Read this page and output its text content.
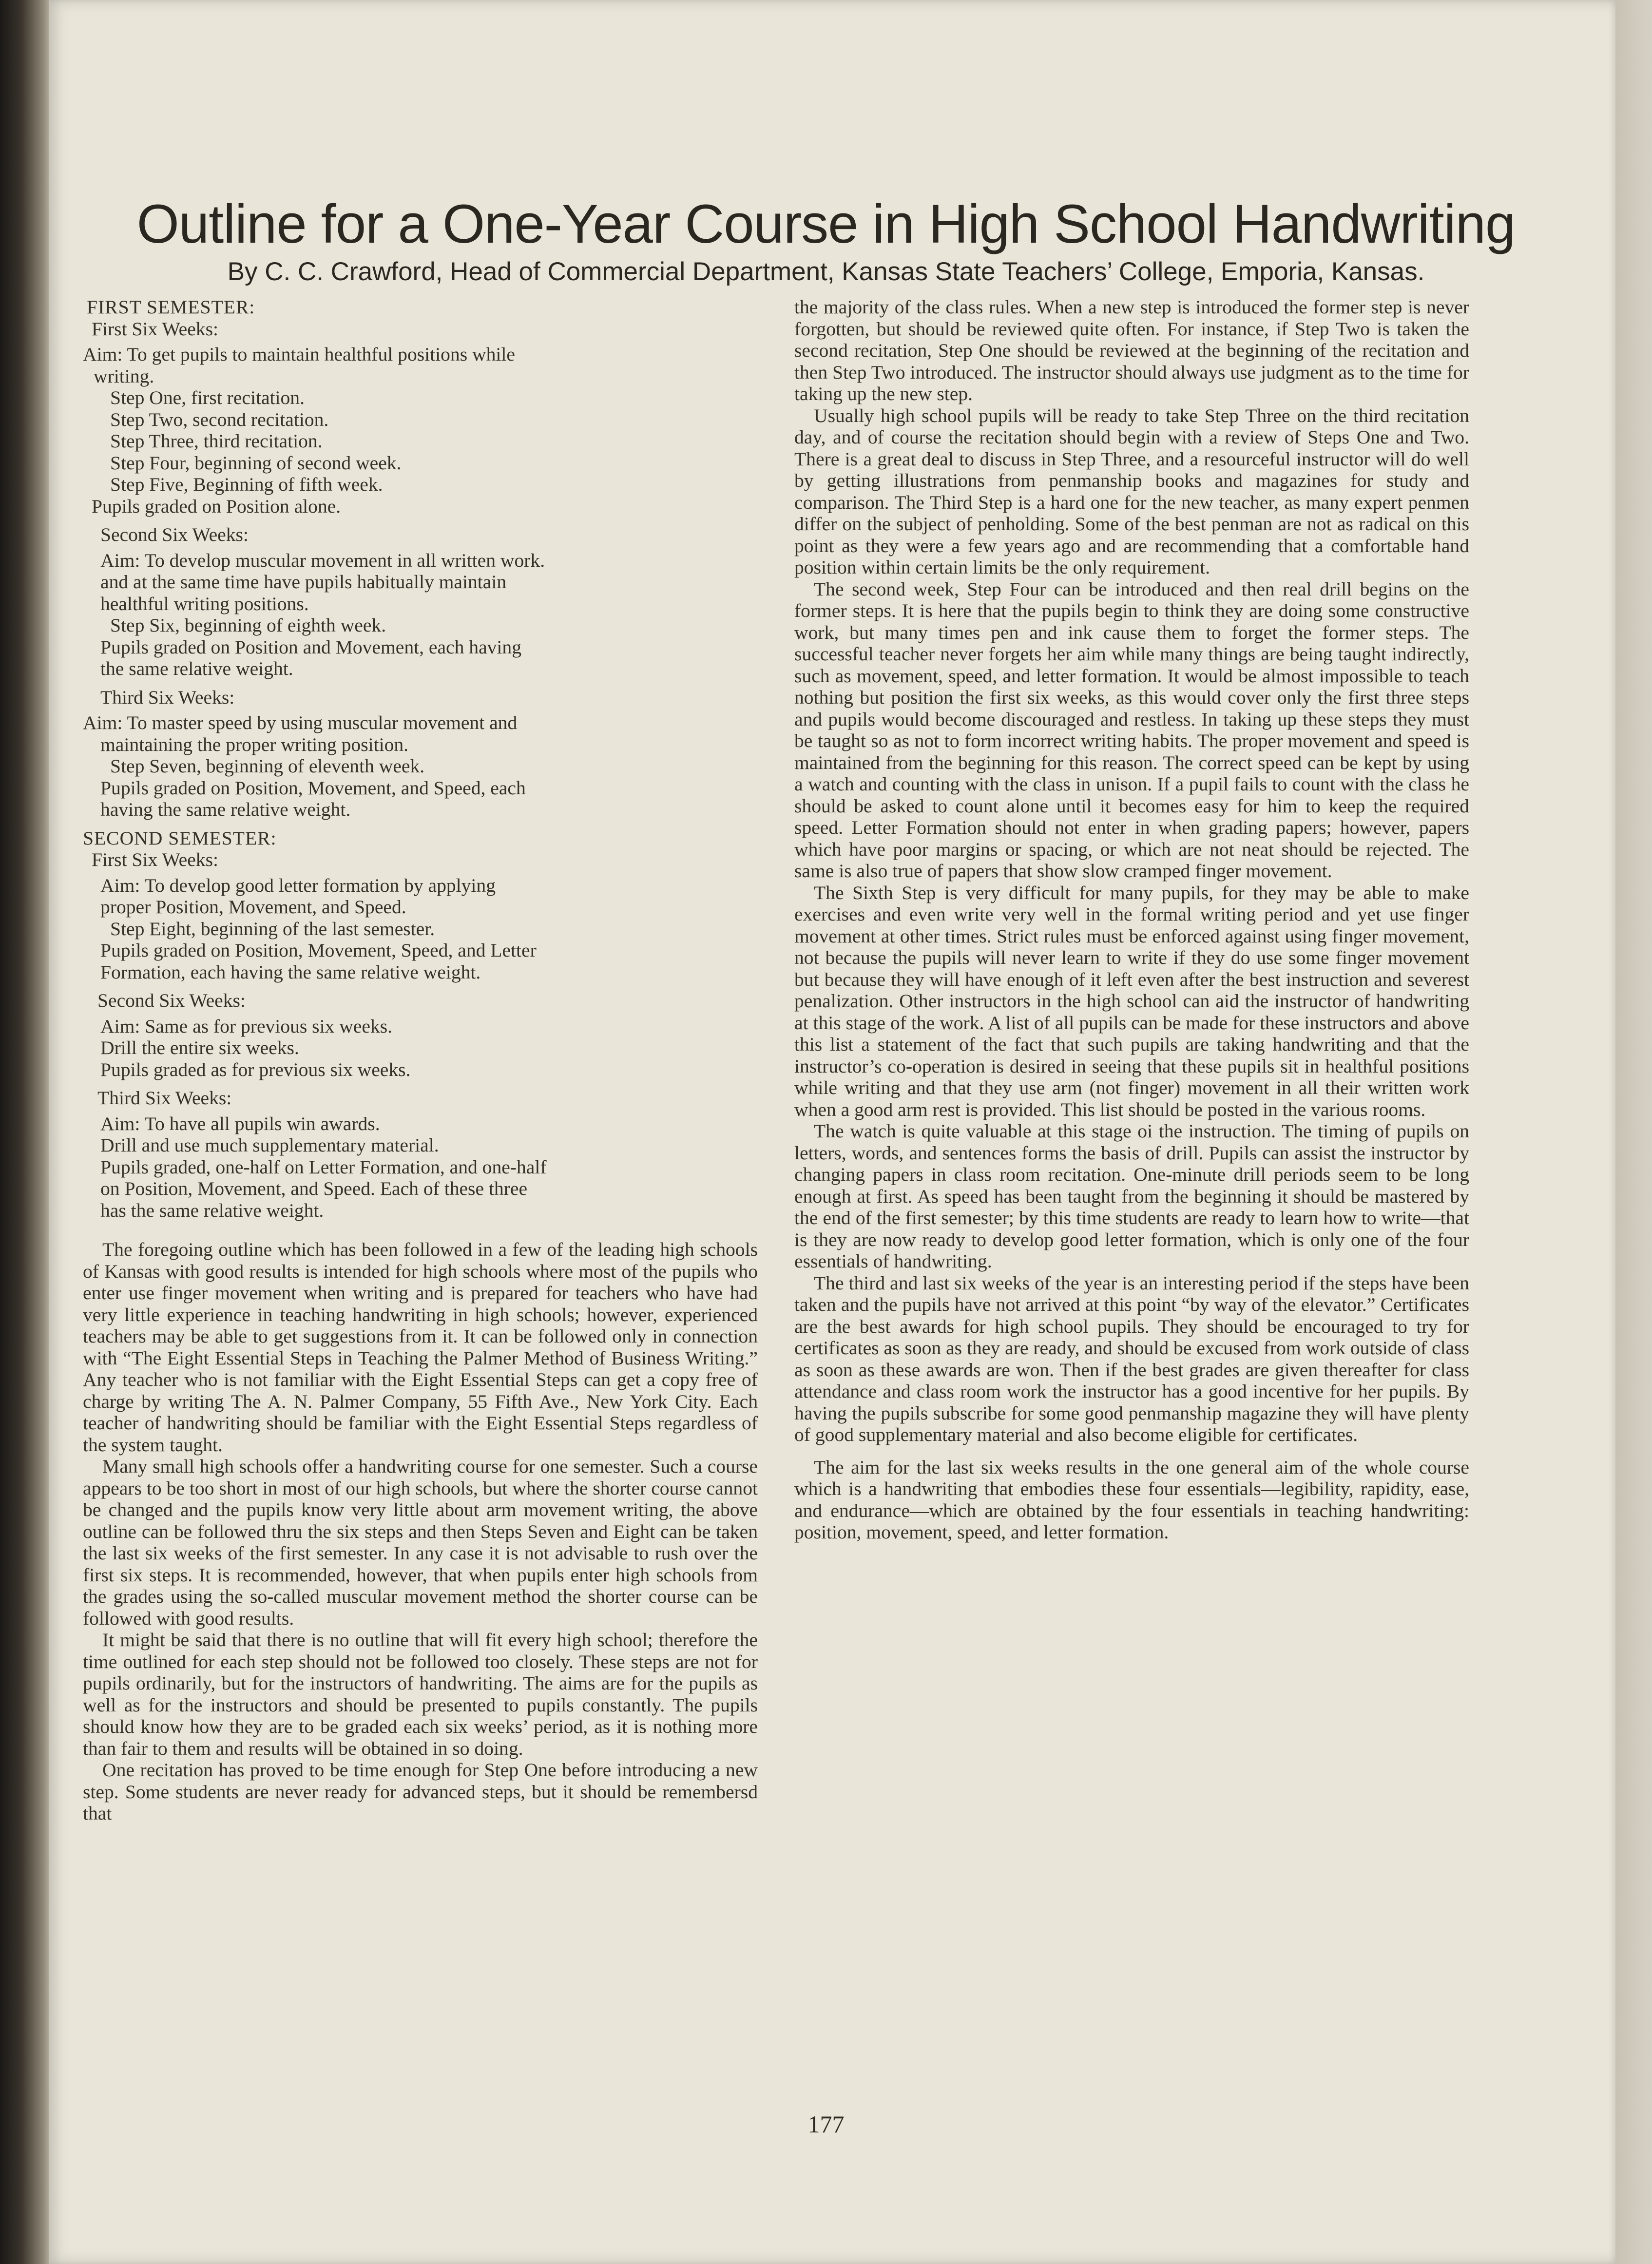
Outline for a One-Year Course in High School Handwriting
By C. C. Crawford, Head of Commercial Department, Kansas State Teachers’ College, Emporia, Kansas.
FIRST SEMESTER:
First Six Weeks:
Aim: To get pupils to maintain healthful positions while
writing.
Step One, first recitation.
Step Two, second recitation.
Step Three, third recitation.
Step Four, beginning of second week.
Step Five, Beginning of fifth week.
Pupils graded on Position alone.
Second Six Weeks:
Aim: To develop muscular movement in all written work.
and at the same time have pupils habitually maintain
healthful writing positions.
Step Six, beginning of eighth week.
Pupils graded on Position and Movement, each having
the same relative weight.
Third Six Weeks:
Aim: To master speed by using muscular movement and
maintaining the proper writing position.
Step Seven, beginning of eleventh week.
Pupils graded on Position, Movement, and Speed, each
having the same relative weight.
SECOND SEMESTER:
First Six Weeks:
Aim: To develop good letter formation by applying
proper Position, Movement, and Speed.
Step Eight, beginning of the last semester.
Pupils graded on Position, Movement, Speed, and Letter
Formation, each having the same relative weight.
Second Six Weeks:
Aim: Same as for previous six weeks.
Drill the entire six weeks.
Pupils graded as for previous six weeks.
Third Six Weeks:
Aim: To have all pupils win awards.
Drill and use much supplementary material.
Pupils graded, one-half on Letter Formation, and one-half
on Position, Movement, and Speed. Each of these three
has the same relative weight.

The foregoing outline which has been followed in a few of the leading high schools of Kansas with good results is intended for high schools where most of the pupils who enter use finger movement when writing and is prepared for teachers who have had very little experience in teaching handwriting in high schools; however, experienced teachers may be able to get suggestions from it. It can be followed only in connection with “The Eight Essential Steps in Teaching the Palmer Method of Business Writing.” Any teacher who is not familiar with the Eight Essential Steps can get a copy free of charge by writing The A. N. Palmer Company, 55 Fifth Ave., New York City. Each teacher of handwriting should be familiar with the Eight Essential Steps regardless of the system taught.

Many small high schools offer a handwriting course for one semester. Such a course appears to be too short in most of our high schools, but where the shorter course cannot be changed and the pupils know very little about arm movement writing, the above outline can be followed thru the six steps and then Steps Seven and Eight can be taken the last six weeks of the first semester. In any case it is not advisable to rush over the first six steps. It is recommended, however, that when pupils enter high schools from the grades using the so-called muscular movement method the shorter course can be followed with good results.

It might be said that there is no outline that will fit every high school; therefore the time outlined for each step should not be followed too closely. These steps are not for pupils ordinarily, but for the instructors of handwriting. The aims are for the pupils as well as for the instructors and should be presented to pupils constantly. The pupils should know how they are to be graded each six weeks’ period, as it is nothing more than fair to them and results will be obtained in so doing.

One recitation has proved to be time enough for Step One before introducing a new step. Some students are never ready for advanced steps, but it should be remembersd that

the majority of the class rules. When a new step is introduced the former step is never forgotten, but should be reviewed quite often. For instance, if Step Two is taken the second recitation, Step One should be reviewed at the beginning of the recitation and then Step Two introduced. The instructor should always use judgment as to the time for taking up the new step.

Usually high school pupils will be ready to take Step Three on the third recitation day, and of course the recitation should begin with a review of Steps One and Two. There is a great deal to discuss in Step Three, and a resourceful instructor will do well by getting illustrations from penmanship books and magazines for study and comparison. The Third Step is a hard one for the new teacher, as many expert penmen differ on the subject of penholding. Some of the best penman are not as radical on this point as they were a few years ago and are recommending that a comfortable hand position within certain limits be the only requirement.

The second week, Step Four can be introduced and then real drill begins on the former steps. It is here that the pupils begin to think they are doing some constructive work, but many times pen and ink cause them to forget the former steps. The successful teacher never forgets her aim while many things are being taught indirectly, such as movement, speed, and letter formation. It would be almost impossible to teach nothing but position the first six weeks, as this would cover only the first three steps and pupils would become discouraged and restless. In taking up these steps they must be taught so as not to form incorrect writing habits. The proper movement and speed is maintained from the beginning for this reason. The correct speed can be kept by using a watch and counting with the class in unison. If a pupil fails to count with the class he should be asked to count alone until it becomes easy for him to keep the required speed. Letter Formation should not enter in when grading papers; however, papers which have poor margins or spacing, or which are not neat should be rejected. The same is also true of papers that show slow cramped finger movement.

The Sixth Step is very difficult for many pupils, for they may be able to make exercises and even write very well in the formal writing period and yet use finger movement at other times. Strict rules must be enforced against using finger movement, not because the pupils will never learn to write if they do use some finger movement but because they will have enough of it left even after the best instruction and severest penalization. Other instructors in the high school can aid the instructor of handwriting at this stage of the work. A list of all pupils can be made for these instructors and above this list a statement of the fact that such pupils are taking handwriting and that the instructor’s co-operation is desired in seeing that these pupils sit in healthful positions while writing and that they use arm (not finger) movement in all their written work when a good arm rest is provided. This list should be posted in the various rooms.

The watch is quite valuable at this stage oi the instruction. The timing of pupils on letters, words, and sentences forms the basis of drill. Pupils can assist the instructor by changing papers in class room recitation. One-minute drill periods seem to be long enough at first. As speed has been taught from the beginning it should be mastered by the end of the first semester; by this time students are ready to learn how to write—that is they are now ready to develop good letter formation, which is only one of the four essentials of handwriting.

The third and last six weeks of the year is an interesting period if the steps have been taken and the pupils have not arrived at this point “by way of the elevator.” Certificates are the best awards for high school pupils. They should be encouraged to try for certificates as soon as they are ready, and should be excused from work outside of class as soon as these awards are won. Then if the best grades are given thereafter for class attendance and class room work the instructor has a good incentive for her pupils. By having the pupils subscribe for some good penmanship magazine they will have plenty of good supplementary material and also become eligible for certificates.

The aim for the last six weeks results in the one general aim of the whole course which is a handwriting that embodies these four essentials—legibility, rapidity, ease, and endurance—which are obtained by the four essentials in teaching handwriting: position, movement, speed, and letter formation.

177
